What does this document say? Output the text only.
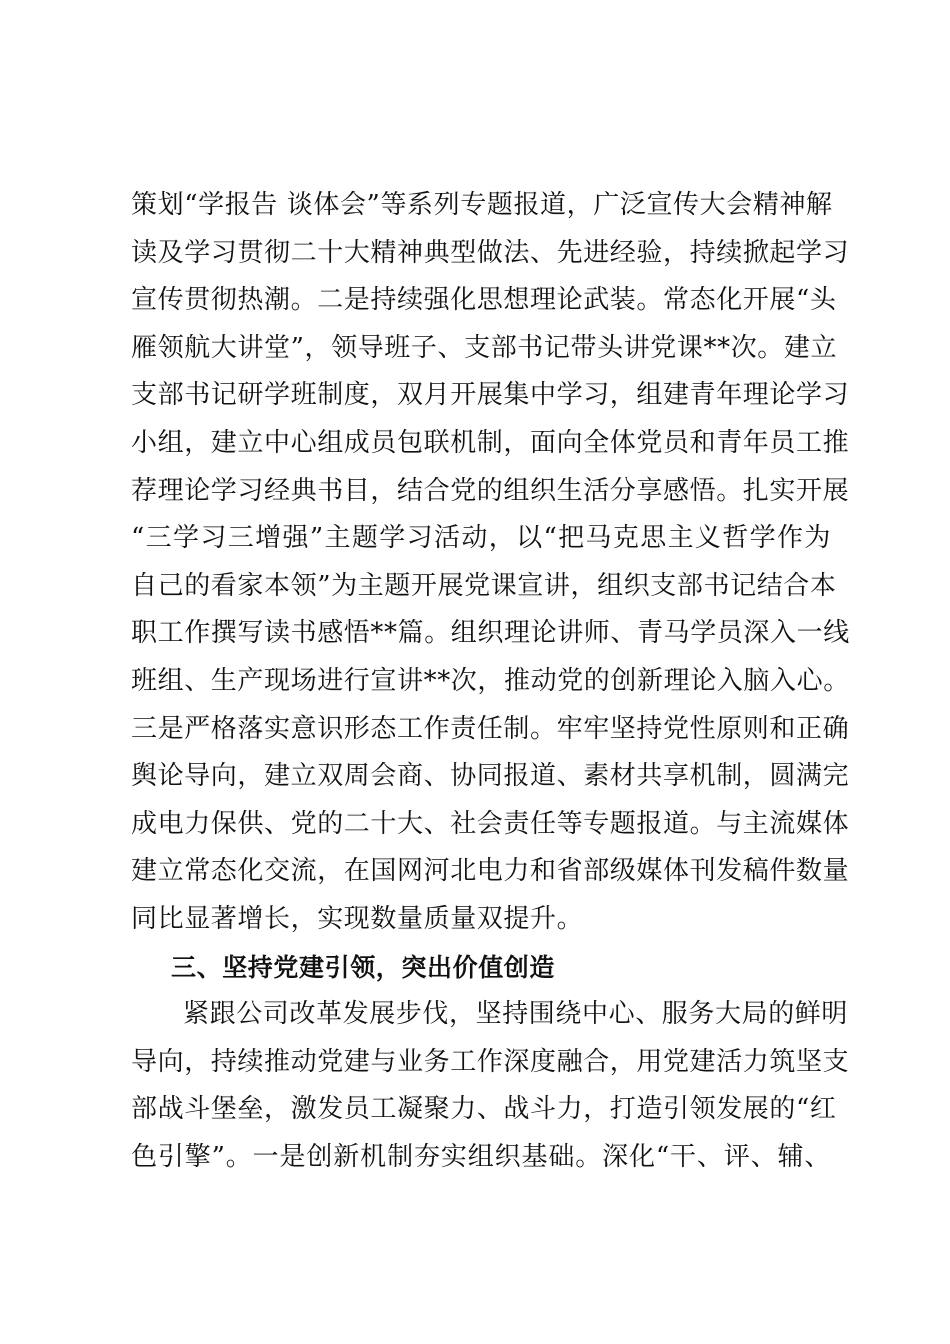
策划“学报告 谈体会”等系列专题报道，广泛宣传大会精神解
读及学习贯彻二十大精神典型做法、先进经验，持续掀起学习
宣传贯彻热潮。二是持续强化思想理论武装。常态化开展“头
雁领航大讲堂”，领导班子、支部书记带头讲党课**次。建立
支部书记研学班制度，双月开展集中学习，组建青年理论学习
小组，建立中心组成员包联机制，面向全体党员和青年员工推
荐理论学习经典书目，结合党的组织生活分享感悟。扎实开展
“三学习三增强”主题学习活动，以“把马克思主义哲学作为
自己的看家本领”为主题开展党课宣讲，组织支部书记结合本
职工作撰写读书感悟**篇。组织理论讲师、青马学员深入一线
班组、生产现场进行宣讲**次，推动党的创新理论入脑入心。
三是严格落实意识形态工作责任制。牢牢坚持党性原则和正确
舆论导向，建立双周会商、协同报道、素材共享机制，圆满完
成电力保供、党的二十大、社会责任等专题报道。与主流媒体
建立常态化交流，在国网河北电力和省部级媒体刊发稿件数量
同比显著增长，实现数量质量双提升。
三、坚持党建引领，突出价值创造
紧跟公司改革发展步伐，坚持围绕中心、服务大局的鲜明
导向，持续推动党建与业务工作深度融合，用党建活力筑坚支
部战斗堡垒，激发员工凝聚力、战斗力，打造引领发展的“红
色引擎”。一是创新机制夯实组织基础。深化“干、评、辅、
